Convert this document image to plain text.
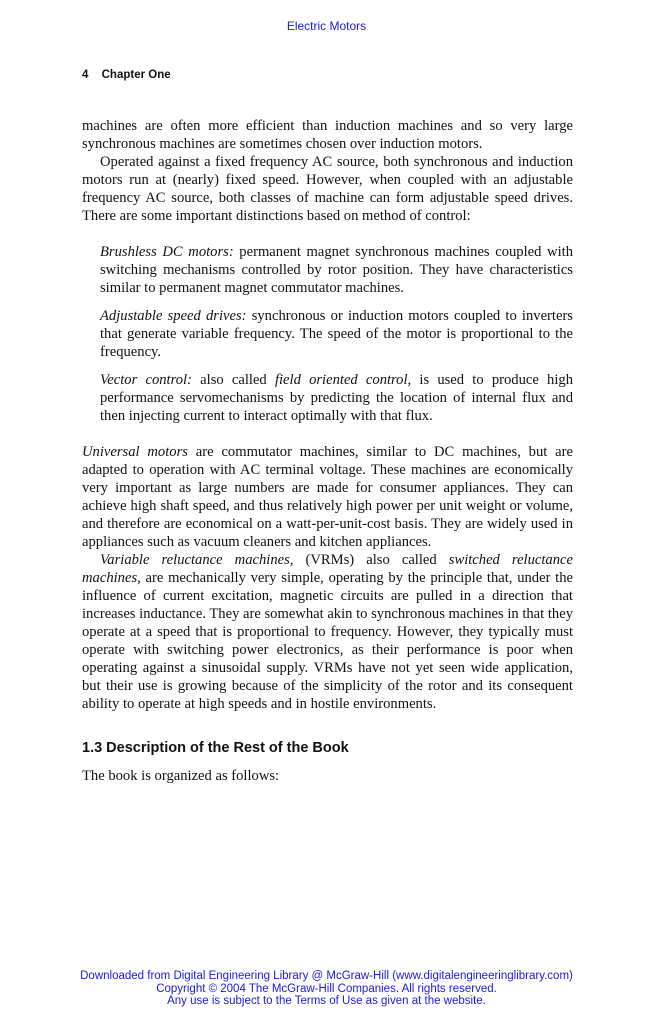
Electric Motors
4 Chapter One

machines are often more efficient than induction machines and so very large synchronous machines are sometimes chosen over induction motors.

Operated against a fixed frequency AC source, both synchronous and induction motors run at (nearly) fixed speed. However, when coupled with an adjustable frequency AC source, both classes of machine can form adjustable speed drives. There are some important distinctions based on method of control:

Brushless DC motors: permanent magnet synchronous machines coupled with switching mechanisms controlled by rotor position. They have characteristics similar to permanent magnet commutator machines.

Adjustable speed drives: synchronous or induction motors coupled to inverters that generate variable frequency. The speed of the motor is proportional to the frequency.

Vector control: also called field oriented control, is used to produce high performance servomechanisms by predicting the location of internal flux and then injecting current to interact optimally with that flux.

Universal motors are commutator machines, similar to DC machines, but are adapted to operation with AC terminal voltage. These machines are economically very important as large numbers are made for consumer appliances. They can achieve high shaft speed, and thus relatively high power per unit weight or volume, and therefore are economical on a watt-per-unit-cost basis. They are widely used in appliances such as vacuum cleaners and kitchen appliances.

Variable reluctance machines, (VRMs) also called switched reluctance machines, are mechanically very simple, operating by the principle that, under the influence of current excitation, magnetic circuits are pulled in a direction that increases inductance. They are somewhat akin to synchronous machines in that they operate at a speed that is proportional to frequency. However, they typically must operate with switching power electronics, as their performance is poor when operating against a sinusoidal supply. VRMs have not yet seen wide application, but their use is growing because of the simplicity of the rotor and its consequent ability to operate at high speeds and in hostile environments.

1.3 Description of the Rest of the Book

The book is organized as follows:

Downloaded from Digital Engineering Library @ McGraw-Hill (www.digitalengineeringlibrary.com)
Copyright © 2004 The McGraw-Hill Companies. All rights reserved.
Any use is subject to the Terms of Use as given at the website.
